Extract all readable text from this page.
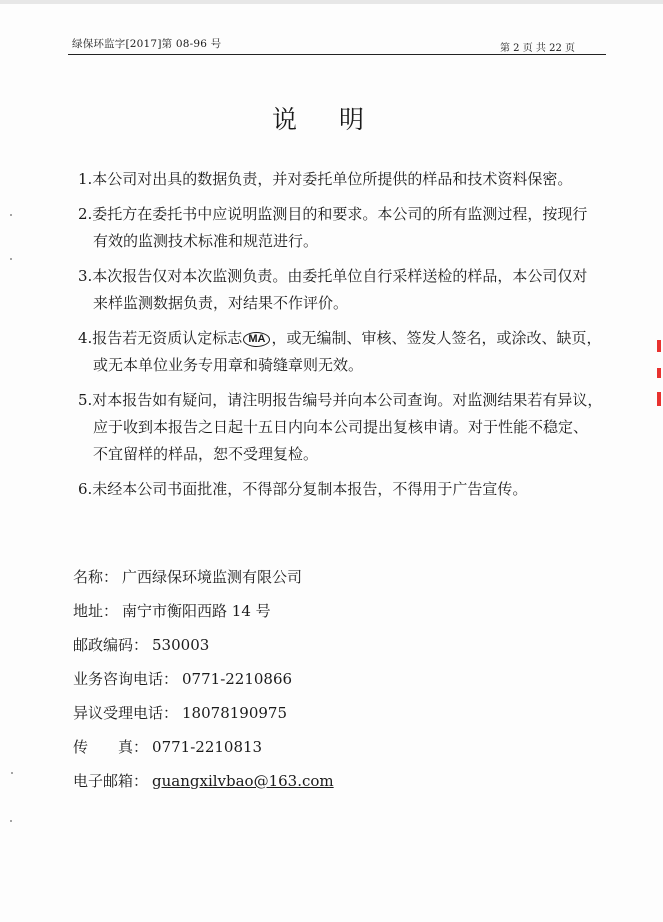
绿保环监字[2017]第 08-96 号	第 2 页 共 22 页
说 明
1.本公司对出具的数据负责，并对委托单位所提供的样品和技术资料保密。
2.委托方在委托书中应说明监测目的和要求。本公司的所有监测过程，按现行
有效的监测技术标准和规范进行。
3.本次报告仅对本次监测负责。由委托单位自行采样送检的样品，本公司仅对
来样监测数据负责，对结果不作评价。
4.报告若无资质认定标志 MA ，或无编制、审核、签发人签名，或涂改、缺页，
或无本单位业务专用章和骑缝章则无效。
5.对本报告如有疑问，请注明报告编号并向本公司查询。对监测结果若有异议，
应于收到本报告之日起十五日内向本公司提出复核申请。对于性能不稳定、
不宜留样的样品，恕不受理复检。
6.未经本公司书面批准，不得部分复制本报告，不得用于广告宣传。
名称： 广西绿保环境监测有限公司
地址： 南宁市衡阳西路 14 号
邮政编码： 530003
业务咨询电话： 0771-2210866
异议受理电话： 18078190975
传 真： 0771-2210813
电子邮箱： guangxilvbao@163.com
